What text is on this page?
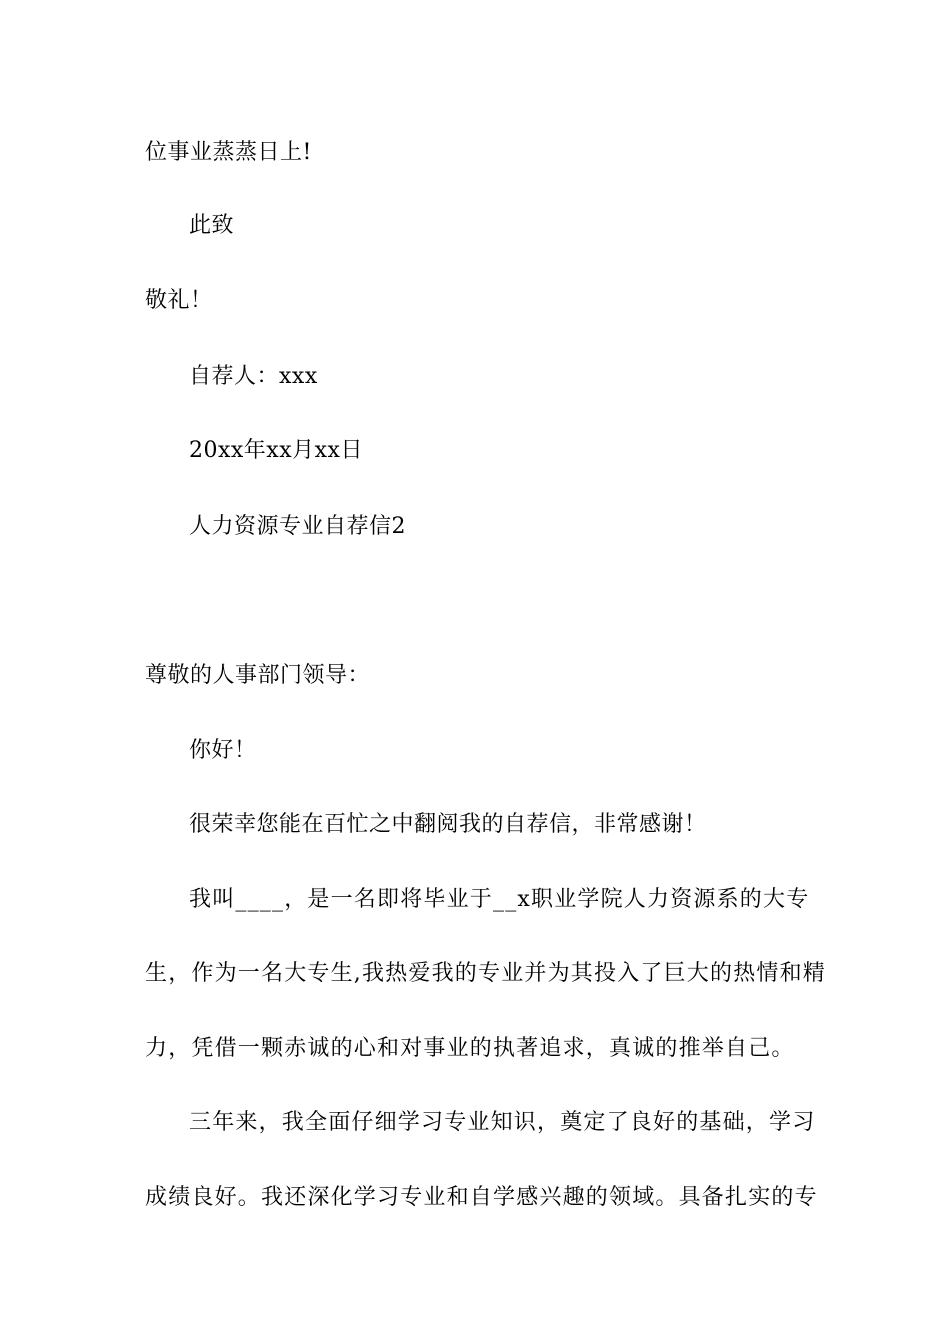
位事业蒸蒸日上!
此致
敬礼！
自荐人：xxx
20xx年xx月xx日
人力资源专业自荐信2
尊敬的人事部门领导：
你好！
很荣幸您能在百忙之中翻阅我的自荐信，非常感谢！
我叫____，是一名即将毕业于__x职业学院人力资源系的大专
生，作为一名大专生,我热爱我的专业并为其投入了巨大的热情和精
力，凭借一颗赤诚的心和对事业的执著追求，真诚的推举自己。
三年来，我全面仔细学习专业知识，奠定了良好的基础，学习
成绩良好。我还深化学习专业和自学感兴趣的领域。具备扎实的专
